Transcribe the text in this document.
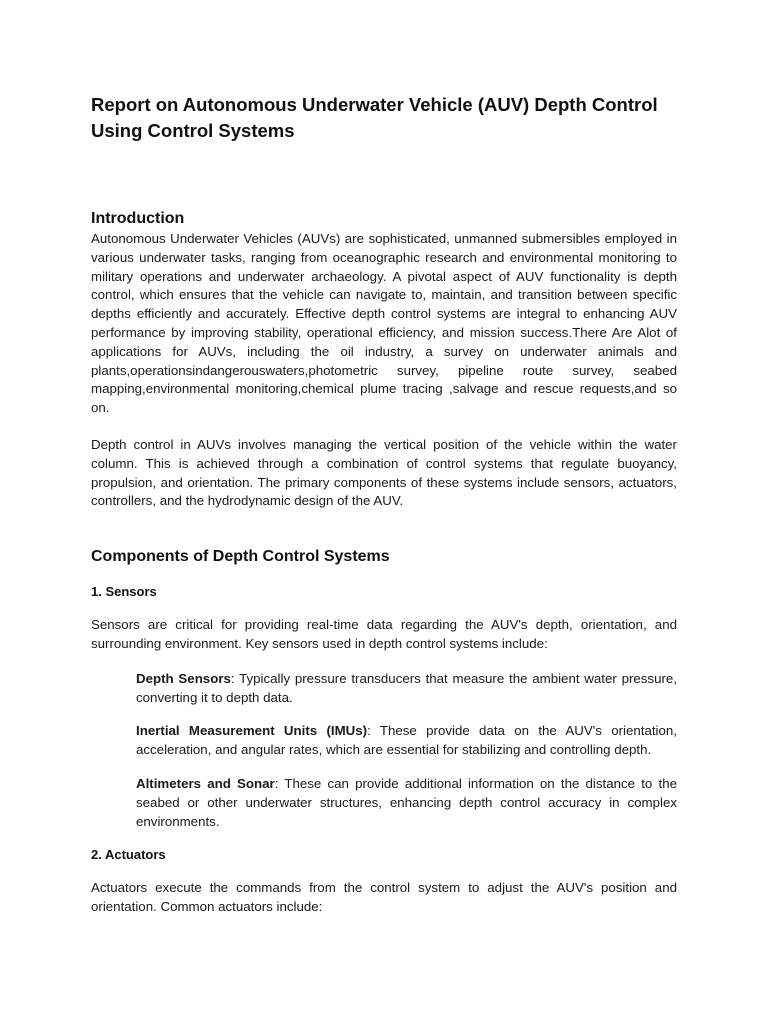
Report on Autonomous Underwater Vehicle (AUV) Depth Control Using Control Systems
Introduction

Autonomous Underwater Vehicles (AUVs) are sophisticated, unmanned submersibles employed in various underwater tasks, ranging from oceanographic research and environmental monitoring to military operations and underwater archaeology. A pivotal aspect of AUV functionality is depth control, which ensures that the vehicle can navigate to, maintain, and transition between specific depths efficiently and accurately. Effective depth control systems are integral to enhancing AUV performance by improving stability, operational efficiency, and mission success.There Are Alot of applications for AUVs, including the oil industry, a survey on underwater animals and plants,operationsindangerouswaters,photometric survey, pipeline route survey, seabed mapping,environmental monitoring,chemical plume tracing ,salvage and rescue requests,and so on.

Depth control in AUVs involves managing the vertical position of the vehicle within the water column. This is achieved through a combination of control systems that regulate buoyancy, propulsion, and orientation. The primary components of these systems include sensors, actuators, controllers, and the hydrodynamic design of the AUV.

Components of Depth Control Systems
1. Sensors

Sensors are critical for providing real-time data regarding the AUV's depth, orientation, and surrounding environment. Key sensors used in depth control systems include:

Depth Sensors: Typically pressure transducers that measure the ambient water pressure, converting it to depth data.

Inertial Measurement Units (IMUs): These provide data on the AUV's orientation, acceleration, and angular rates, which are essential for stabilizing and controlling depth.

Altimeters and Sonar: These can provide additional information on the distance to the seabed or other underwater structures, enhancing depth control accuracy in complex environments.

2. Actuators

Actuators execute the commands from the control system to adjust the AUV's position and orientation. Common actuators include:
